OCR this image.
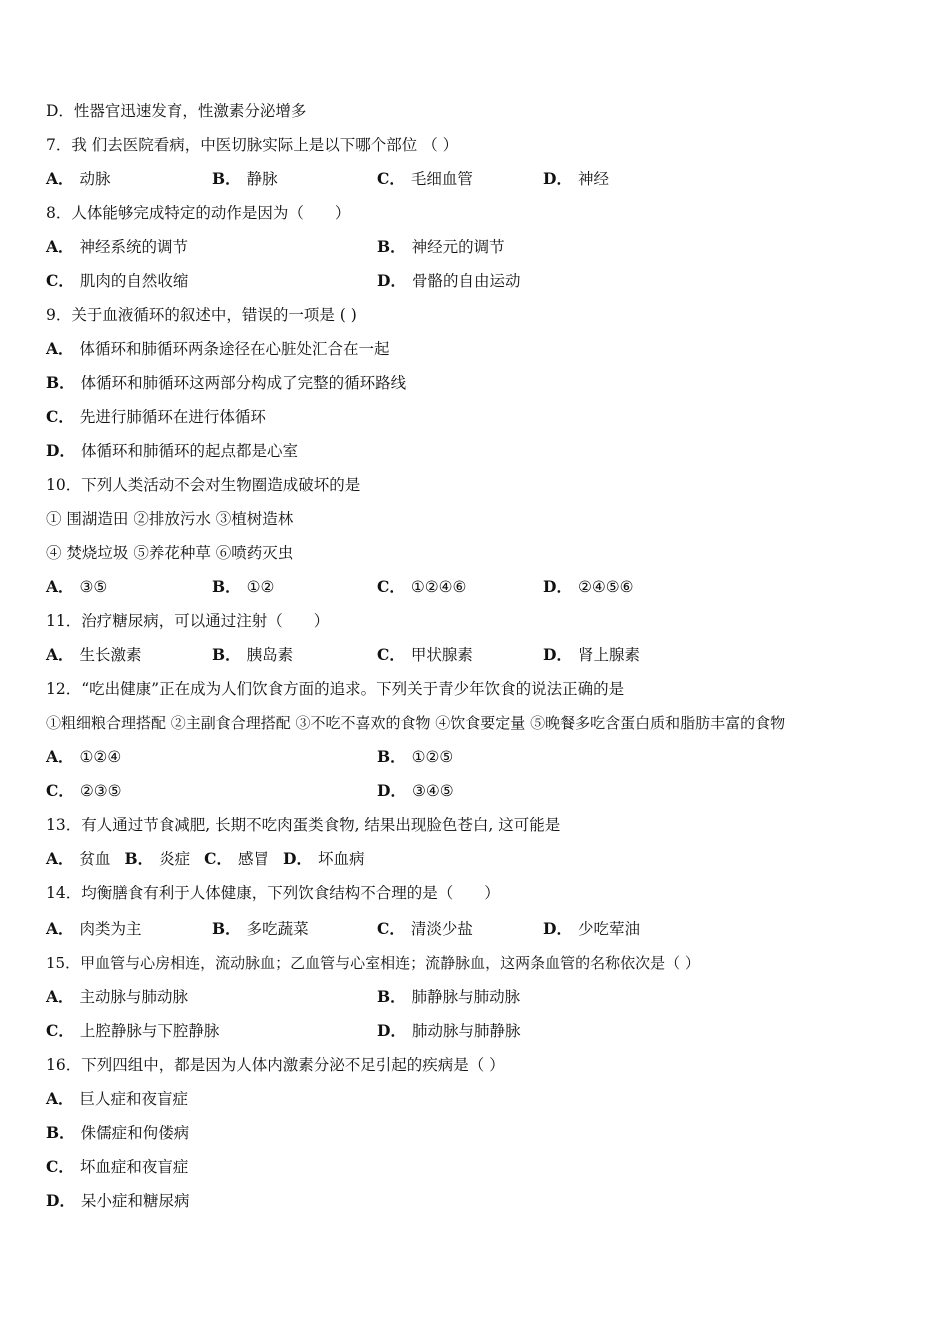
D．性器官迅速发育，性激素分泌增多
7．我 们去医院看病，中医切脉实际上是以下哪个部位 （ ）
A． 动脉	B． 静脉	C． 毛细血管	D． 神经
8．人体能够完成特定的动作是因为（　　）
A． 神经系统的调节	B． 神经元的调节
C． 肌肉的自然收缩	D． 骨骼的自由运动
9．关于血液循环的叙述中，错误的一项是 ( )
A． 体循环和肺循环两条途径在心脏处汇合在一起
B． 体循环和肺循环这两部分构成了完整的循环路线
C． 先进行肺循环在进行体循环
D． 体循环和肺循环的起点都是心室
10．下列人类活动不会对生物圈造成破坏的是
① 围湖造田 ②排放污水 ③植树造林
④ 焚烧垃圾 ⑤养花种草 ⑥喷药灭虫
A． ③⑤	B． ①②	C． ①②④⑥	D． ②④⑤⑥
11．治疗糖尿病，可以通过注射（　　）
A． 生长激素	B． 胰岛素	C． 甲状腺素	D． 肾上腺素
12．“吃出健康”正在成为人们饮食方面的追求。下列关于青少年饮食的说法正确的是
①粗细粮合理搭配 ②主副食合理搭配 ③不吃不喜欢的食物 ④饮食要定量 ⑤晚餐多吃含蛋白质和脂肪丰富的食物
A． ①②④	B． ①②⑤
C． ②③⑤	D． ③④⑤
13．有人通过节食减肥, 长期不吃肉蛋类食物, 结果出现脸色苍白, 这可能是
A． 贫血 B． 炎症 C． 感冒 D． 坏血病
14．均衡膳食有利于人体健康，下列饮食结构不合理的是（　　）
A． 肉类为主	B． 多吃蔬菜	C． 清淡少盐	D． 少吃荤油
15．甲血管与心房相连，流动脉血；乙血管与心室相连；流静脉血，这两条血管的名称依次是（ ）
A． 主动脉与肺动脉	B． 肺静脉与肺动脉
C． 上腔静脉与下腔静脉	D． 肺动脉与肺静脉
16．下列四组中，都是因为人体内激素分泌不足引起的疾病是（ ）
A． 巨人症和夜盲症
B． 侏儒症和佝偻病
C． 坏血症和夜盲症
D． 呆小症和糖尿病
